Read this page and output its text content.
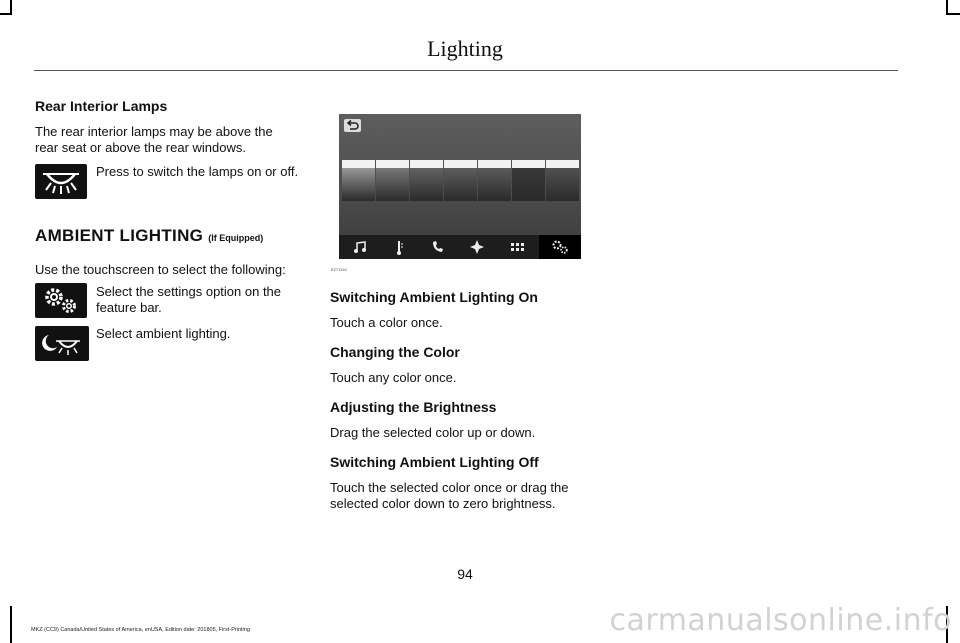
Lighting
Rear Interior Lamps
The rear interior lamps may be above the rear seat or above the rear windows.
Press to switch the lamps on or off.
AMBIENT LIGHTING (If Equipped)
Use the touchscreen to select the following:
Select the settings option on the feature bar.
Select ambient lighting.
E271192
Switching Ambient Lighting On
Touch a color once.
Changing the Color
Touch any color once.
Adjusting the Brightness
Drag the selected color up or down.
Switching Ambient Lighting Off
Touch the selected color once or drag the selected color down to zero brightness.
94
MKZ (CC9) Canada/United States of America, enUSA, Edition date: 201805, First-Printing	carmanualsonline.info
